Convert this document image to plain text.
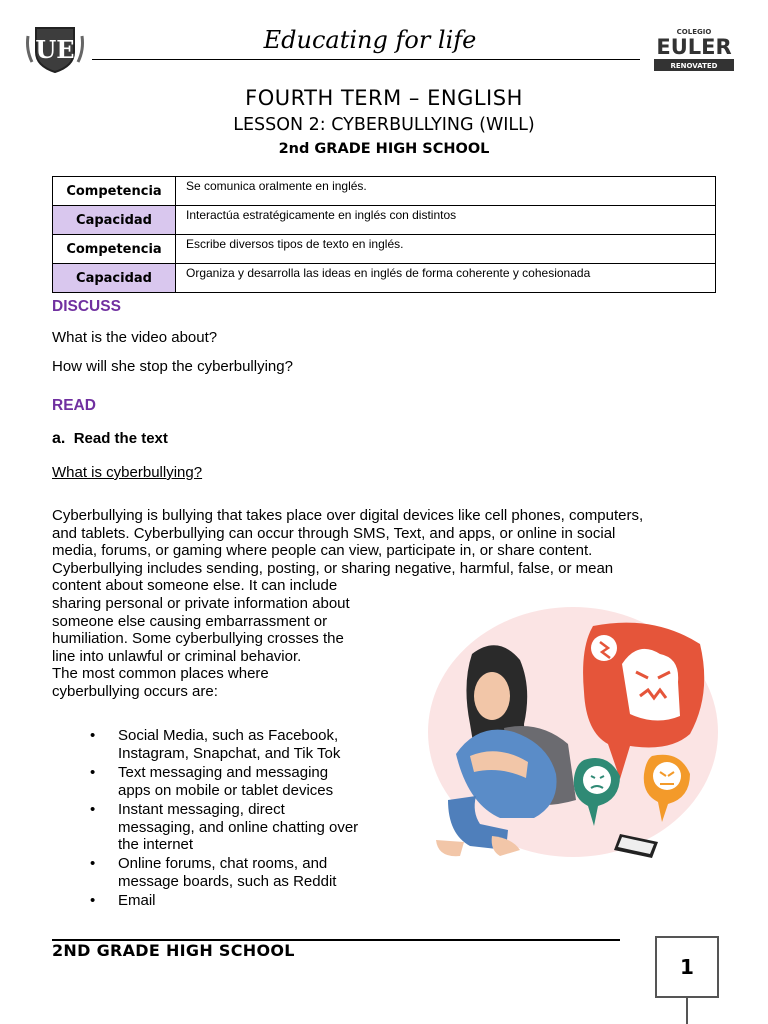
UE	Educating for life	COLEGIO
EULER
RENOVATED
FOURTH TERM – ENGLISH
LESSON 2: CYBERBULLYING (WILL)
2nd GRADE HIGH SCHOOL
Competencia	Se comunica oralmente en inglés.
Capacidad	Interactúa estratégicamente en inglés con distintos
Competencia	Escribe diversos tipos de texto en inglés.
Capacidad	Organiza y desarrolla las ideas en inglés de forma coherente y cohesionada
DISCUSS
What is the video about?
How will she stop the cyberbullying?
READ
a. Read the text
What is cyberbullying?
Cyberbullying is bullying that takes place over digital devices like cell phones, computers,
and tablets. Cyberbullying can occur through SMS, Text, and apps, or online in social
media, forums, or gaming where people can view, participate in, or share content.
Cyberbullying includes sending, posting, or sharing negative, harmful, false, or mean
content about someone else. It can include
sharing personal or private information about
someone else causing embarrassment or
humiliation. Some cyberbullying crosses the
line into unlawful or criminal behavior.
The most common places where
cyberbullying occurs are:
• Social Media, such as Facebook,
Instagram, Snapchat, and Tik Tok
• Text messaging and messaging
apps on mobile or tablet devices
• Instant messaging, direct
messaging, and online chatting over
the internet
• Online forums, chat rooms, and
message boards, such as Reddit
• Email
2ND GRADE HIGH SCHOOL
1
